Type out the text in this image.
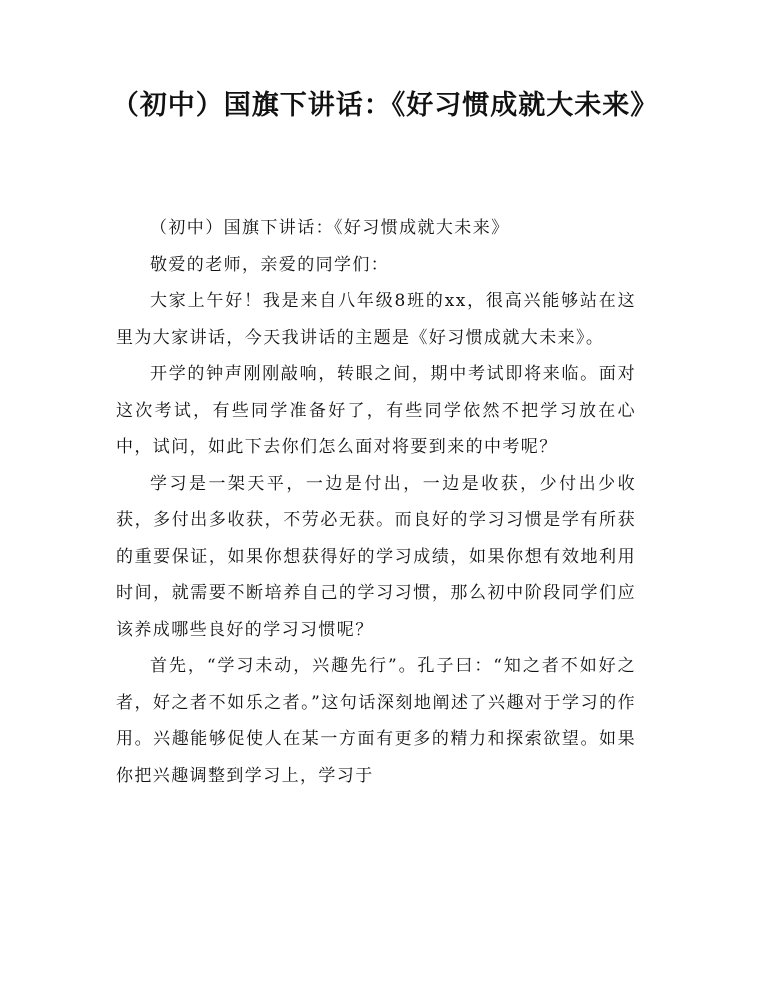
（初中）国旗下讲话：《好习惯成就大未来》

（初中）国旗下讲话：《好习惯成就大未来》

敬爱的老师，亲爱的同学们：

大家上午好！我是来自八年级8班的xx，很高兴能够站在这里为大家讲话，今天我讲话的主题是《好习惯成就大未来》。

开学的钟声刚刚敲响，转眼之间，期中考试即将来临。面对这次考试，有些同学准备好了，有些同学依然不把学习放在心中，试问，如此下去你们怎么面对将要到来的中考呢？

学习是一架天平，一边是付出，一边是收获，少付出少收获，多付出多收获，不劳必无获。而良好的学习习惯是学有所获的重要保证，如果你想获得好的学习成绩，如果你想有效地利用时间，就需要不断培养自己的学习习惯，那么初中阶段同学们应该养成哪些良好的学习习惯呢？

首先，“学习未动，兴趣先行”。孔子曰：“知之者不如好之者，好之者不如乐之者。”这句话深刻地阐述了兴趣对于学习的作用。兴趣能够促使人在某一方面有更多的精力和探索欲望。如果你把兴趣调整到学习上，学习于
